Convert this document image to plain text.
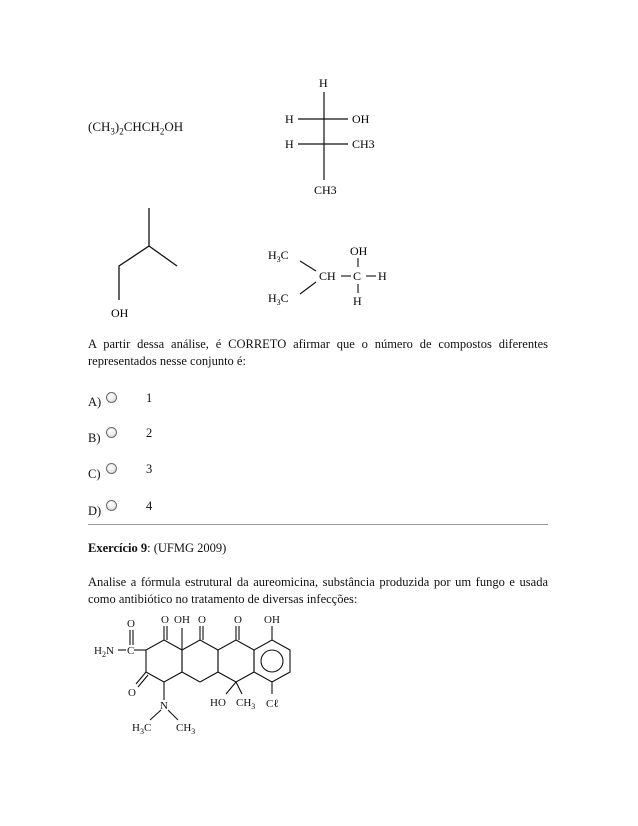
$(CH_3)_2CHCH_2OH$
H
H	OH
H	CH3
CH3
OH
$H_3C$
$H_3C$
CH C H
OH
H
A partir dessa análise, é CORRETO afirmar que o número de compostos diferentes representados nesse conjunto é:
A)	1
B)	2
C)	3
D)	4
Exercício 9: (UFMG 2009)
Analise a fórmula estrutural da aureomicina, substância produzida por um fungo e usada como antibiótico no tratamento de diversas infecções:
OH	OH
O O	O	O
O
$H_2N$ C
N
$H_3C$ $CH_3$
HO $CH_3$ Cℓ
